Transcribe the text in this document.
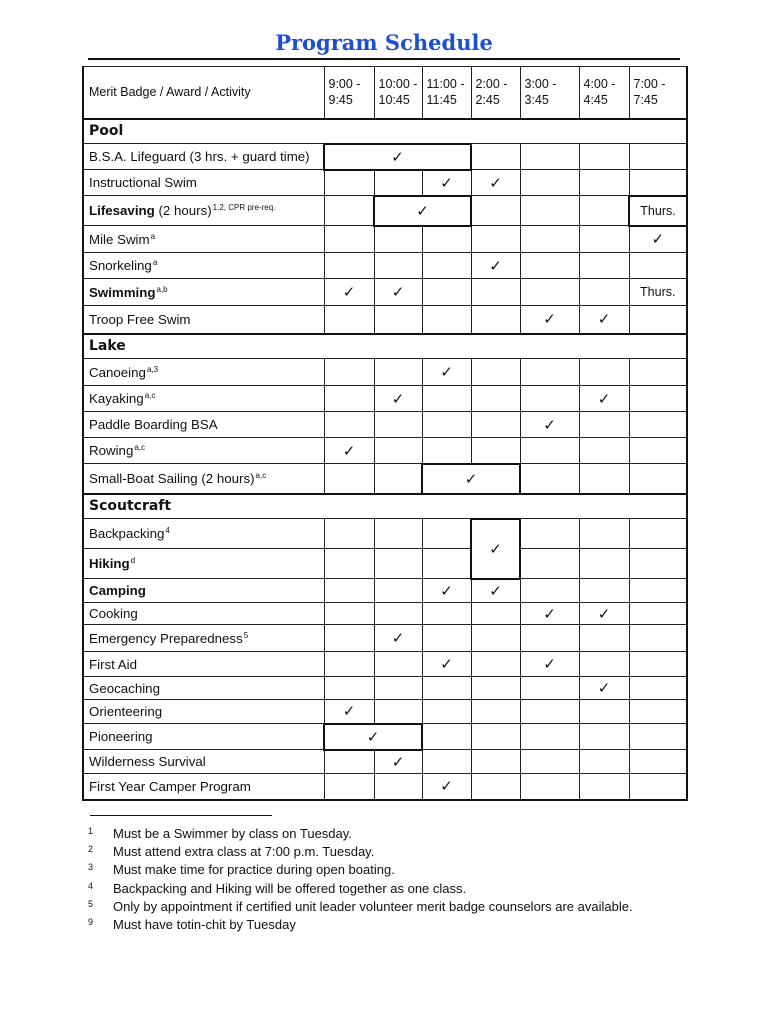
Program Schedule
Merit Badge / Award / Activity	9:00 - 9:45	10:00 - 10:45	11:00 - 11:45	2:00 - 2:45	3:00 - 3:45	4:00 - 4:45	7:00 - 7:45
Pool							
B.S.A. Lifeguard (3 hrs. + guard time)	✓						
Instructional Swim			✓	✓			
Lifesaving (2 hours)$^{1,2, CPR pre-req.}$		✓					Thurs.
Mile Swim$^a$							✓
Snorkeling$^a$				✓			
Swimming$^{a,b}$	✓	✓					Thurs.
Troop Free Swim					✓	✓	
Lake							
Canoeing$^{a,3}$			✓				
Kayaking$^{a,c}$		✓				✓	
Paddle Boarding BSA					✓		
Rowing$^{a,c}$	✓						
Small-Boat Sailing (2 hours)$^{a,c}$			✓				
Scoutcraft							
Backpacking$^4$				✓			
Hiking$^d$						
Camping			✓	✓			
Cooking					✓	✓	
Emergency Preparedness$^5$		✓					
First Aid			✓		✓		
Geocaching						✓	
Orienteering	✓						
Pioneering	✓						
Wilderness Survival		✓					
First Year Camper Program			✓				
1 Must be a Swimmer by class on Tuesday.
2 Must attend extra class at 7:00 p.m. Tuesday.
3 Must make time for practice during open boating.
4 Backpacking and Hiking will be offered together as one class.
5 Only by appointment if certified unit leader volunteer merit badge counselors are available.
9 Must have totin-chit by Tuesday
